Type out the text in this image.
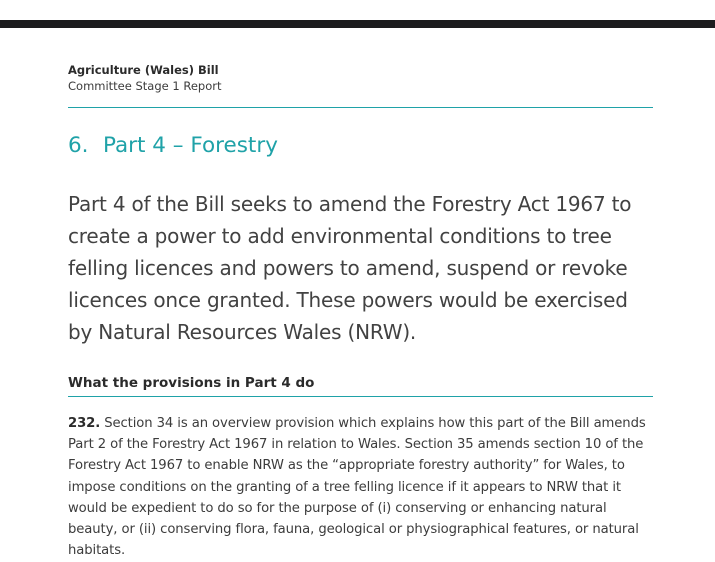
Agriculture (Wales) Bill
Committee Stage 1 Report
6. Part 4 – Forestry
Part 4 of the Bill seeks to amend the Forestry Act 1967 to create a power to add environmental conditions to tree felling licences and powers to amend, suspend or revoke licences once granted. These powers would be exercised by Natural Resources Wales (NRW).
What the provisions in Part 4 do

232. Section 34 is an overview provision which explains how this part of the Bill amends Part 2 of the Forestry Act 1967 in relation to Wales. Section 35 amends section 10 of the Forestry Act 1967 to enable NRW as the “appropriate forestry authority” for Wales, to impose conditions on the granting of a tree felling licence if it appears to NRW that it would be expedient to do so for the purpose of (i) conserving or enhancing natural beauty, or (ii) conserving flora, fauna, geological or physiographical features, or natural habitats.
